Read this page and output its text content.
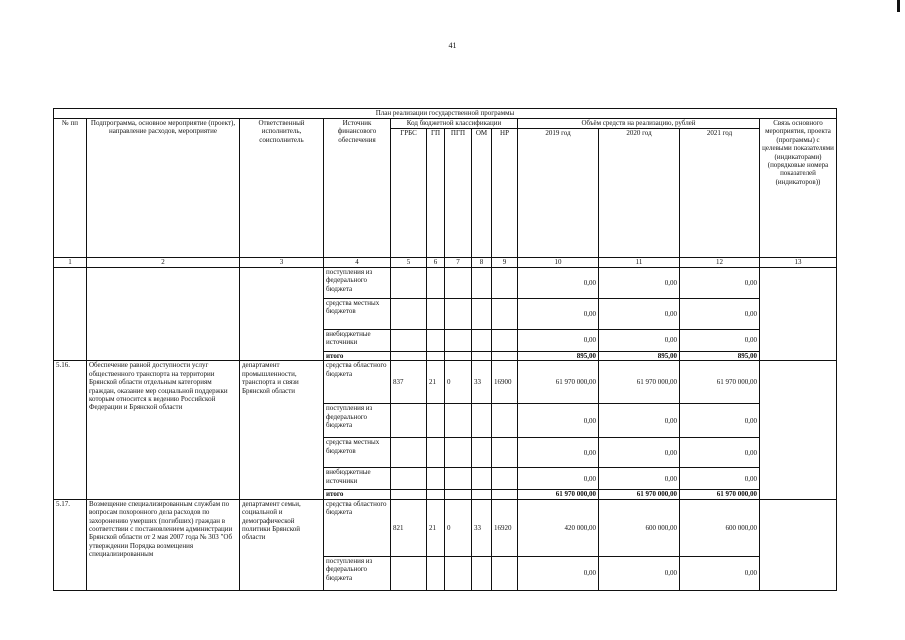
41
План реализации государственной программы												
№ пп	Подпрограмма, основное мероприятие (проект), направление расходов, мероприятие	Ответственный исполнитель, соисполнитель	Источник финансового обеспечения	Код бюджетной классификации					Объём средств на реализацию, рублей			Связь основного мероприятия, проекта (программы) с целевыми показателями (индикаторами) (порядковые номера показателей (индикаторов))
				ГРБС	ГП	ПГП	ОМ	НР	2019 год	2020 год	2021 год	
1	2	3	4	5	6	7	8	9	10	11	12	13
			поступления из федерального бюджета						0,00	0,00	0,00	
			средства местных бюджетов						0,00	0,00	0,00	
			внебюджетные источники						0,00	0,00	0,00	
			итого						895,00	895,00	895,00	
5.16.	Обеспечение равной доступности услуг общественного транспорта на территории Брянской области отдельным категориям граждан, оказание мер социальной поддержки которым относится к ведению Российской Федерации и Брянской области	департамент промышленности, транспорта и связи Брянской области	средства областного бюджета	837	21	0	33	16900	61 970 000,00	61 970 000,00	61 970 000,00	
			поступления из федерального бюджета						0,00	0,00	0,00	
			средства местных бюджетов						0,00	0,00	0,00	
			внебюджетные источники						0,00	0,00	0,00	
			итого						61 970 000,00	61 970 000,00	61 970 000,00	
5.17.	Возмещение специализированным службам по вопросам похоронного дела расходов по захоронению умерших (погибших) граждан в соответствии с постановлением администрации Брянской области от 2 мая 2007 года № 303 "Об утверждении Порядка возмещения специализированным	департамент семьи, социальной и демографической политики Брянской области	средства областного бюджета	821	21	0	33	16920	420 000,00	600 000,00	600 000,00	
			поступления из федерального бюджета						0,00	0,00	0,00	
